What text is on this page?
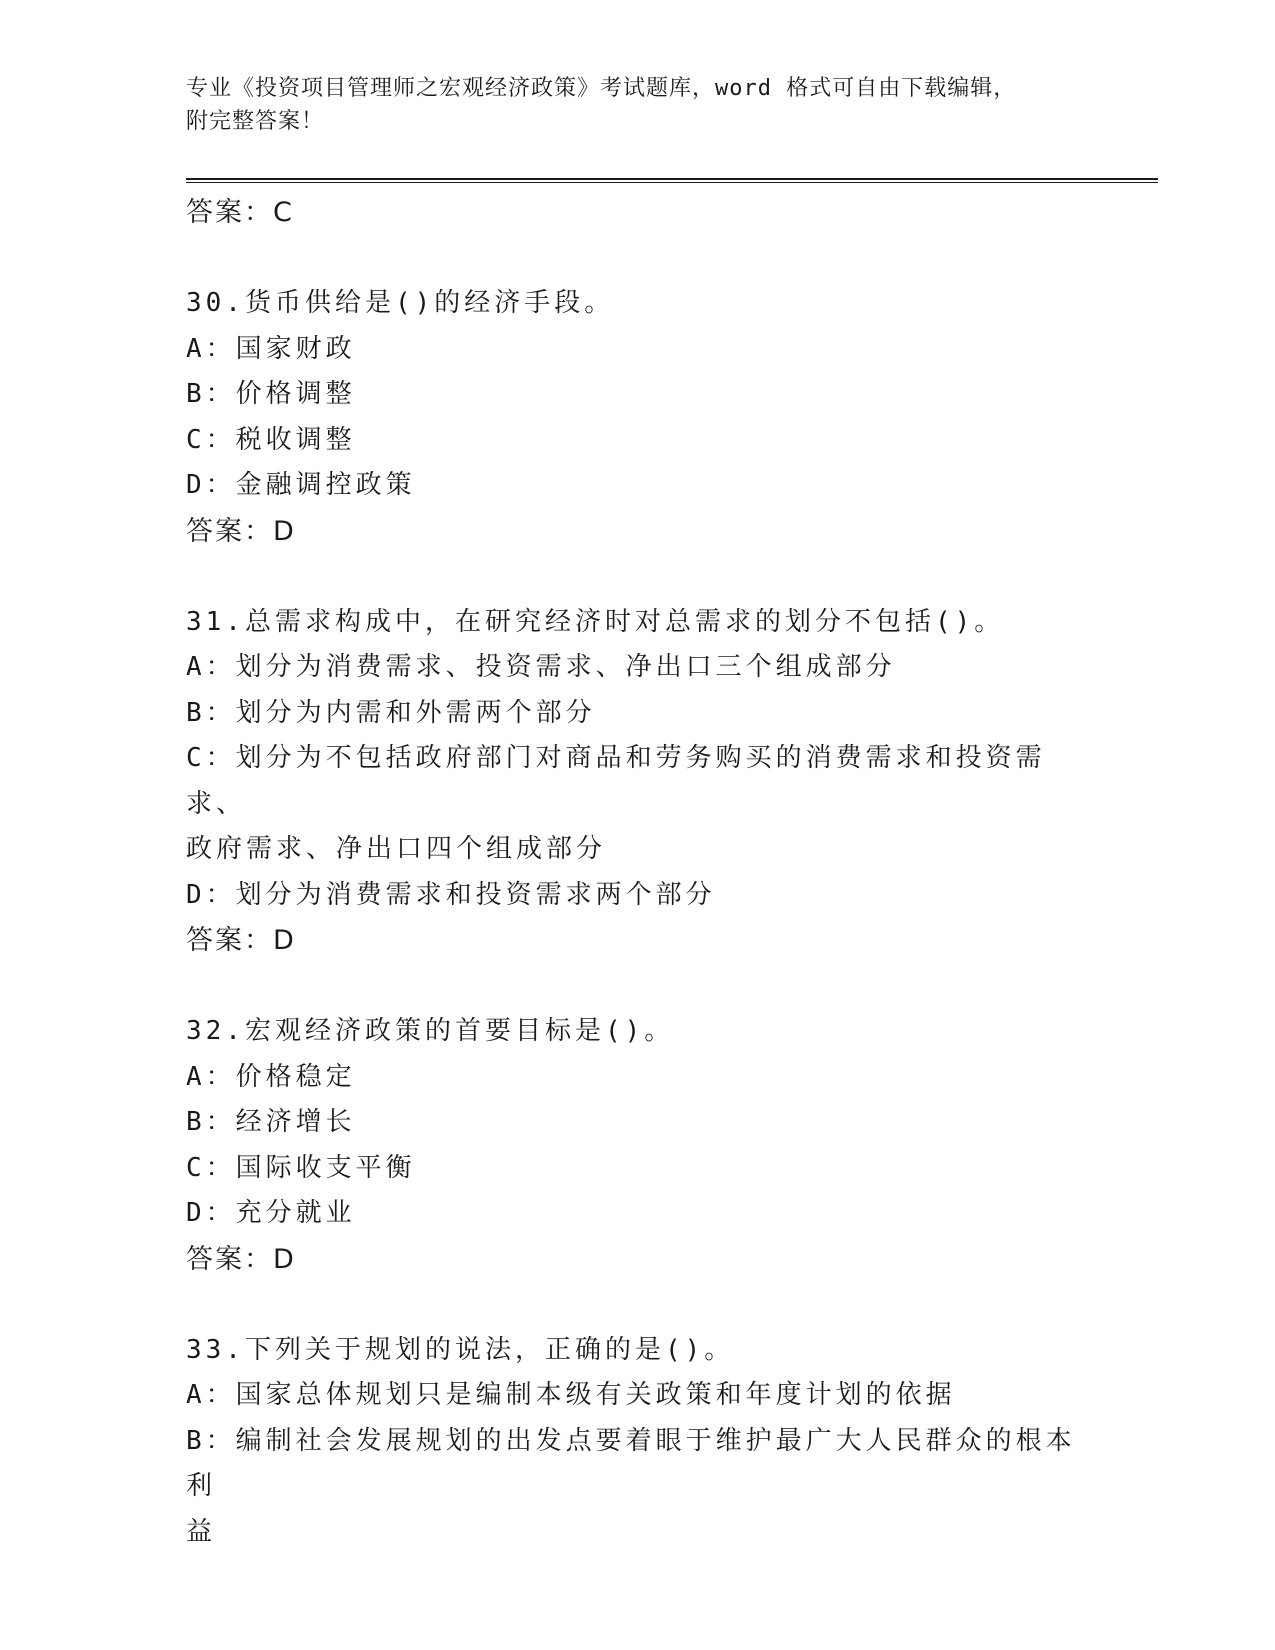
专业《投资项目管理师之宏观经济政策》考试题库，word 格式可自由下载编辑，
附完整答案！
答案：C
30.货币供给是()的经济手段。
A：国家财政
B：价格调整
C：税收调整
D：金融调控政策
答案：D
31.总需求构成中，在研究经济时对总需求的划分不包括()。
A：划分为消费需求、投资需求、净出口三个组成部分
B：划分为内需和外需两个部分
C：划分为不包括政府部门对商品和劳务购买的消费需求和投资需求、
政府需求、净出口四个组成部分
D：划分为消费需求和投资需求两个部分
答案：D
32.宏观经济政策的首要目标是()。
A：价格稳定
B：经济增长
C：国际收支平衡
D：充分就业
答案：D
33.下列关于规划的说法，正确的是()。
A：国家总体规划只是编制本级有关政策和年度计划的依据
B：编制社会发展规划的出发点要着眼于维护最广大人民群众的根本利
益
